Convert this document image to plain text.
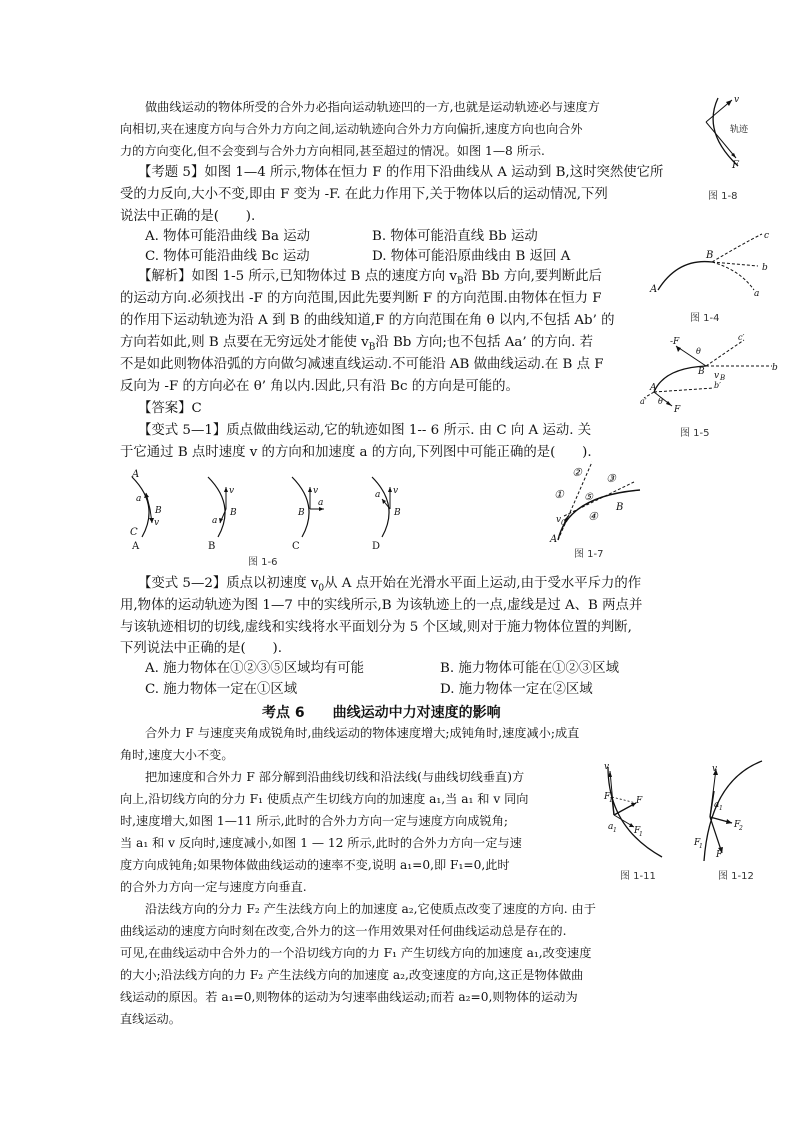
做曲线运动的物体所受的合外力必指向运动轨迹凹的一方,也就是运动轨迹必与速度方
向相切,夹在速度方向与合外力方向之间,运动轨迹向合外力方向偏折,速度方向也向合外
力的方向变化,但不会变到与合外力方向相同,甚至超过的情况。如图 1—8 所示.
【考题 5】如图 1—4 所示,物体在恒力 F 的作用下沿曲线从 A 运动到 B,这时突然使它所
受的力反向,大小不变,即由 F 变为 -F. 在此力作用下,关于物体以后的运动情况,下列
说法中正确的是(　　).
A. 物体可能沿曲线 Ba 运动	B. 物体可能沿直线 Bb 运动
C. 物体可能沿曲线 Bc 运动	D. 物体可能沿原曲线由 B 返回 A
【解析】如图 1-5 所示,已知物体过 B 点的速度方向 $v_B$沿 Bb 方向,要判断此后
的运动方向.必须找出 -F 的方向范围,因此先要判断 F 的方向范围.由物体在恒力 F
的作用下运动轨迹为沿 A 到 B 的曲线知道,F 的方向范围在角 θ 以内,不包括 Ab’ 的
方向若如此,则 B 点要在无穷远处才能使 $v_B$沿 Bb 方向;也不包括 Aa’ 的方向. 若
不是如此则物体沿弧的方向做匀减速直线运动.不可能沿 AB 做曲线运动.在 B 点 F
反向为 -F 的方向必在 θ’ 角以内.因此,只有沿 Bc 的方向是可能的。
【答案】C
【变式 5—1】质点做曲线运动,它的轨迹如图 1-- 6 所示. 由 C 向 A 运动. 关
于它通过 B 点时速度 v 的方向和加速度 a 的方向,下列图中可能正确的是(　　).
A
a
B
v
C
A
v
B
a
B
v
B
a
C
v
B
a
D
图 1-6
② ③
① ⑤
④
B
v 0
A
图 1-7
【变式 5—2】质点以初速度 $v_0$从 A 点开始在光滑水平面上运动,由于受水平斥力的作
用,物体的运动轨迹为图 1—7 中的实线所示,B 为该轨迹上的一点,虚线是过 A、B 两点并
与该轨迹相切的切线,虚线和实线将水平面划分为 5 个区域,则对于施力物体位置的判断,
下列说法中正确的是(　　).
A. 施力物体在①②③⑤区域均有可能	B. 施力物体可能在①②③区域
C. 施力物体一定在①区域	D. 施力物体一定在②区域
考点 6　　曲线运动中力对速度的影响
合外力 F 与速度夹角成锐角时,曲线运动的物体速度增大;成钝角时,速度减小;成直
角时,速度大小不变。
把加速度和合外力 F 部分解到沿曲线切线和沿法线(与曲线切线垂直)方
向上,沿切线方向的分力 F₁ 使质点产生切线方向的加速度 a₁,当 a₁ 和 v 同向
时,速度增大,如图 1—11 所示,此时的合外力方向一定与速度方向成锐角;
当 a₁ 和 v 反向时,速度减小,如图 1 — 12 所示,此时的合外力方向一定与速
度方向成钝角;如果物体做曲线运动的速率不变,说明 a₁=0,即 F₁=0,此时
的合外力方向一定与速度方向垂直.
沿法线方向的分力 F₂ 产生法线方向上的加速度 a₂,它使质点改变了速度的方向. 由于
曲线运动的速度方向时刻在改变,合外力的这一作用效果对任何曲线运动总是存在的.
可见,在曲线运动中合外力的一个沿切线方向的力 F₁ 产生切线方向的加速度 a₁,改变速度
的大小;沿法线方向的力 F₂ 产生法线方向的加速度 a₂,改变速度的方向,这正是物体做曲
线运动的原因。若 a₁=0,则物体的运动为匀速率曲线运动;而若 a₂=0,则物体的运动为
直线运动。
v
轨迹
F
图 1-8
A
B
a
b
c
图 1-4
-F
θ
c′
b
v B
B
b′
A
a′ θ
F
图 1-5
v
F
1	F
a 1 F
1
图 1-11
v
a 1
F
2
F
1
F
图 1-12
